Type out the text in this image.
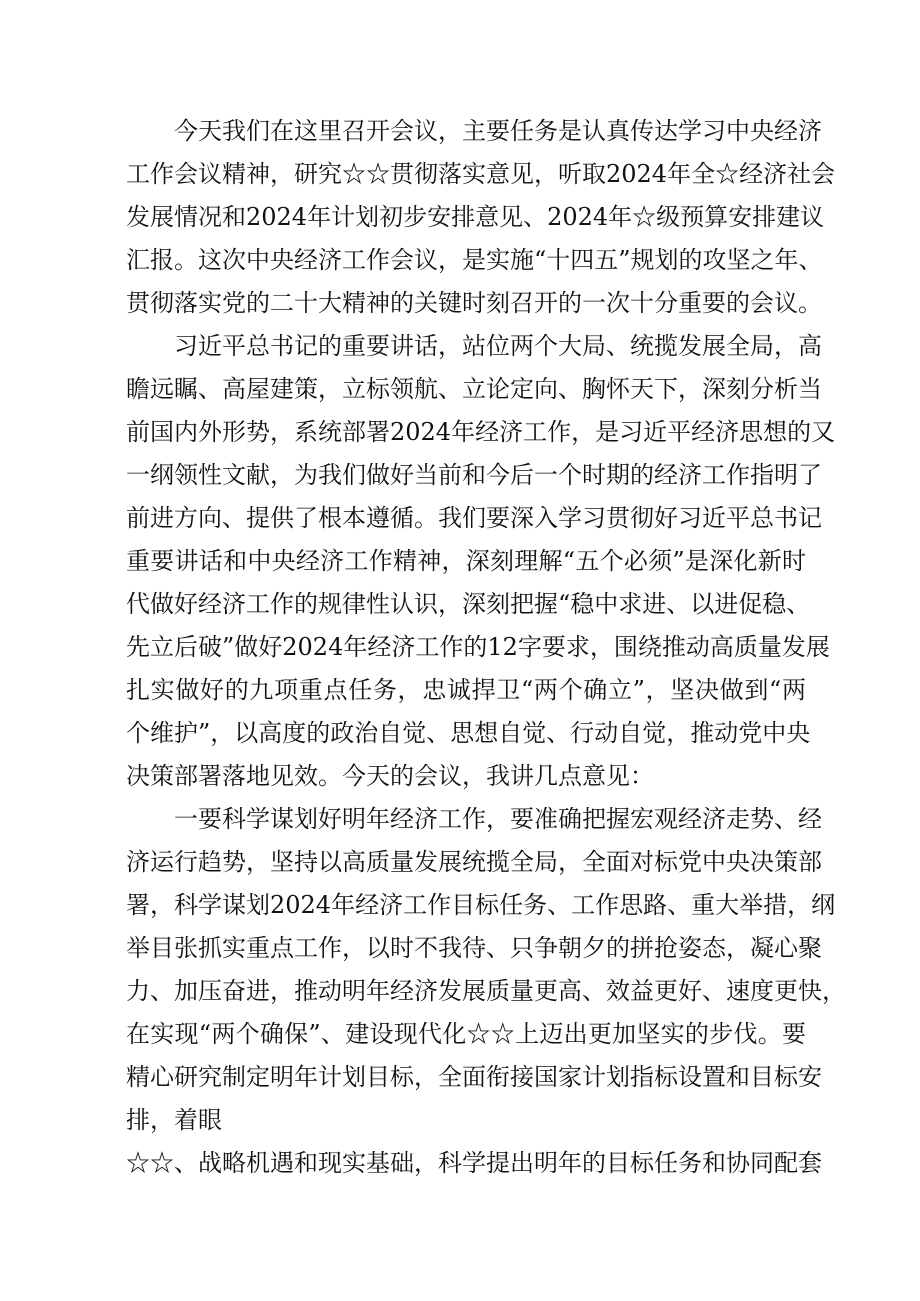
今天我们在这里召开会议，主要任务是认真传达学习中央经济
工作会议精神，研究☆☆贯彻落实意见，听取2024年全☆经济社会
发展情况和2024年计划初步安排意见、2024年☆级预算安排建议
汇报。这次中央经济工作会议，是实施“十四五”规划的攻坚之年、
贯彻落实党的二十大精神的关键时刻召开的一次十分重要的会议。
习近平总书记的重要讲话，站位两个大局、统揽发展全局，高
瞻远瞩、高屋建策，立标领航、立论定向、胸怀天下，深刻分析当
前国内外形势，系统部署2024年经济工作，是习近平经济思想的又
一纲领性文献，为我们做好当前和今后一个时期的经济工作指明了
前进方向、提供了根本遵循。我们要深入学习贯彻好习近平总书记
重要讲话和中央经济工作精神，深刻理解“五个必须”是深化新时
代做好经济工作的规律性认识，深刻把握“稳中求进、以进促稳、
先立后破”做好2024年经济工作的12字要求，围绕推动高质量发展
扎实做好的九项重点任务，忠诚捍卫“两个确立”，坚决做到“两
个维护”，以高度的政治自觉、思想自觉、行动自觉，推动党中央
决策部署落地见效。今天的会议，我讲几点意见：
一要科学谋划好明年经济工作，要准确把握宏观经济走势、经
济运行趋势，坚持以高质量发展统揽全局，全面对标党中央决策部
署，科学谋划2024年经济工作目标任务、工作思路、重大举措，纲
举目张抓实重点工作，以时不我待、只争朝夕的拼抢姿态，凝心聚
力、加压奋进，推动明年经济发展质量更高、效益更好、速度更快，
在实现“两个确保”、建设现代化☆☆上迈出更加坚实的步伐。要
精心研究制定明年计划目标，全面衔接国家计划指标设置和目标安
排，着眼
☆☆、战略机遇和现实基础，科学提出明年的目标任务和协同配套
